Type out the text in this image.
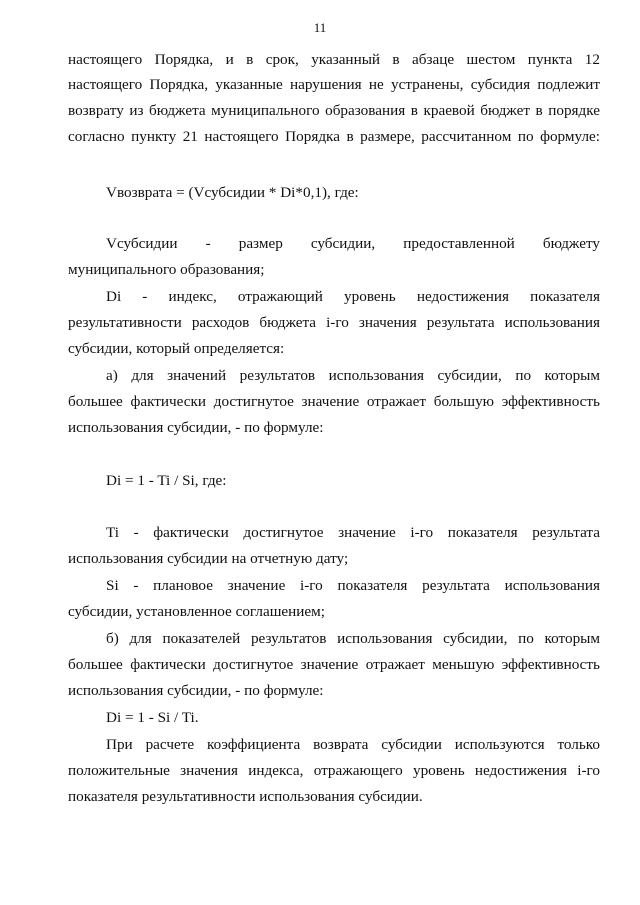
11
настоящего Порядка, и в срок, указанный в абзаце шестом пункта 12
настоящего Порядка, указанные нарушения не устранены, субсидия подлежит
возврату из бюджета муниципального образования в краевой бюджет в порядке
согласно пункту 21 настоящего Порядка в размере, рассчитанном по формуле:
Vвозврата = (Vсубсидии * Di*0,1), где:
Vсубсидии - размер субсидии, предоставленной бюджету
муниципального образования;
Di - индекс, отражающий уровень недостижения показателя
результативности расходов бюджета i-го значения результата использования
субсидии, который определяется:
а) для значений результатов использования субсидии, по которым
большее фактически достигнутое значение отражает большую эффективность
использования субсидии, - по формуле:
Di = 1 - Ti / Si, где:
Ti - фактически достигнутое значение i-го показателя результата
использования субсидии на отчетную дату;
Si - плановое значение i-го показателя результата использования
субсидии, установленное соглашением;
б) для показателей результатов использования субсидии, по которым
большее фактически достигнутое значение отражает меньшую эффективность
использования субсидии, - по формуле:
Di = 1 - Si / Ti.
При расчете коэффициента возврата субсидии используются только
положительные значения индекса, отражающего уровень недостижения i-го
показателя результативности использования субсидии.
